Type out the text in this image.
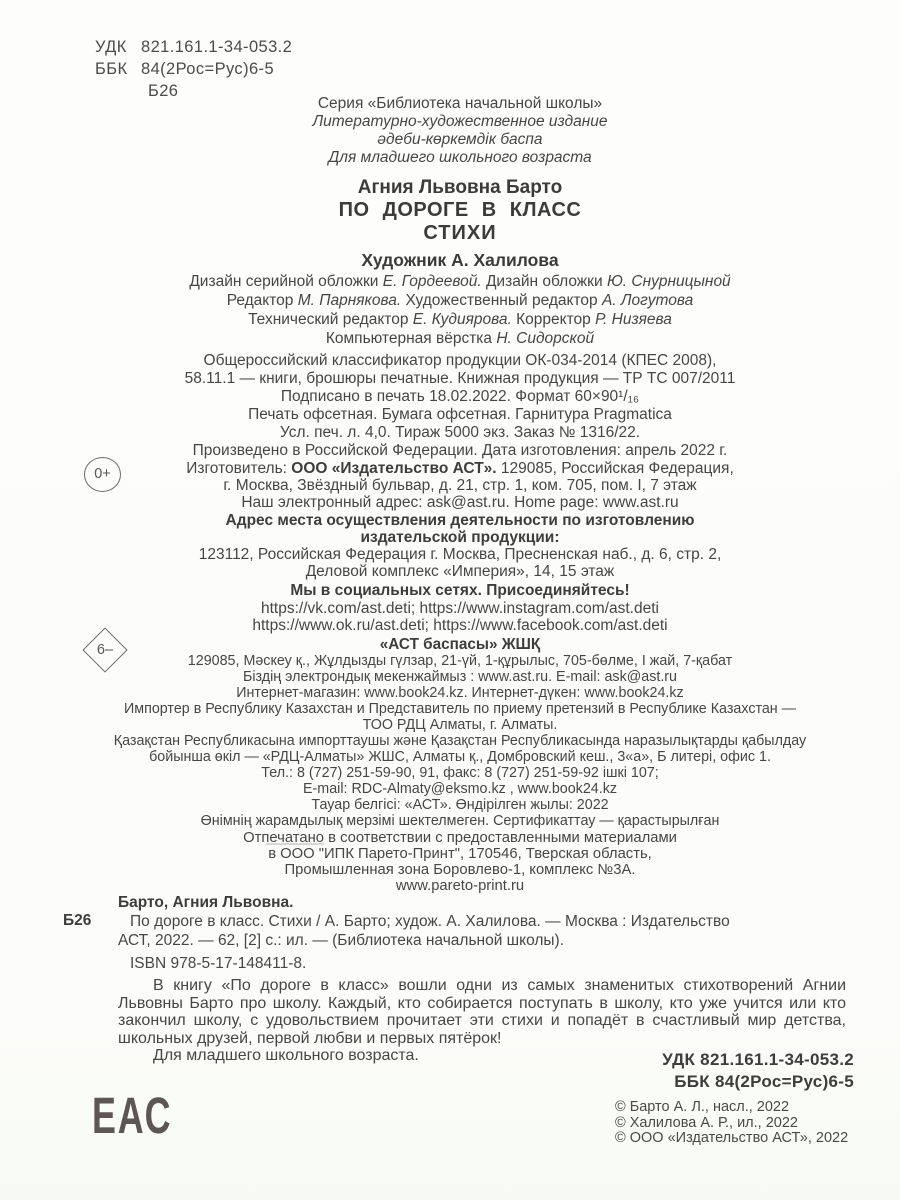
УДК 821.161.1-34-053.2
ББК 84(2Рос=Рус)6-5
Б26
0+
6–
Серия «Библиотека начальной школы»
Литературно-художественное издание
әдеби-көркемдік баспа
Для младшего школьного возраста
Агния Львовна Барто
ПО ДОРОГЕ В КЛАСС
СТИХИ
Художник А. Халилова
Дизайн серийной обложки Е. Гордеевой. Дизайн обложки Ю. Снурницыной
Редактор М. Парнякова. Художественный редактор А. Логутова
Технический редактор Е. Кудиярова. Корректор Р. Низяева
Компьютерная вёрстка Н. Сидорской
Общероссийский классификатор продукции ОК-034-2014 (КПЕС 2008),
58.11.1 — книги, брошюры печатные. Книжная продукция — ТР ТС 007/2011
Подписано в печать 18.02.2022. Формат 60×90¹/₁₆
Печать офсетная. Бумага офсетная. Гарнитура Pragmatica
Усл. печ. л. 4,0. Тираж 5000 экз. Заказ № 1316/22.
Произведено в Российской Федерации. Дата изготовления: апрель 2022 г.
Изготовитель: ООО «Издательство АСТ». 129085, Российская Федерация,
г. Москва, Звёздный бульвар, д. 21, стр. 1, ком. 705, пом. I, 7 этаж
Наш электронный адрес: ask@ast.ru. Home page: www.ast.ru
Адрес места осуществления деятельности по изготовлению
издательской продукции:
123112, Российская Федерация г. Москва, Пресненская наб., д. 6, стр. 2,
Деловой комплекс «Империя», 14, 15 этаж
Мы в социальных сетях. Присоединяйтесь!
https://vk.com/ast.deti; https://www.instagram.com/ast.deti
https://www.ok.ru/ast.deti; https://www.facebook.com/ast.deti
«АСТ баспасы» ЖШҚ
129085, Мәскеу қ., Жұлдызды гүлзар, 21-үй, 1-құрылыс, 705-бөлме, I жай, 7-қабат
Біздің электрондық мекенжаймыз : www.ast.ru. E-mail: ask@ast.ru
Интернет-магазин: www.book24.kz. Интернет-дүкен: www.book24.kz
Импортер в Республику Казахстан и Представитель по приему претензий в Республике Казахстан —
ТОО РДЦ Алматы, г. Алматы.
Қазақстан Республикасына импорттаушы және Қазақстан Республикасында наразылықтарды қабылдау
бойынша өкіл — «РДЦ-Алматы» ЖШС, Алматы қ., Домбровский кеш., 3«а», Б литері, офис 1.
Тел.: 8 (727) 251-59-90, 91, факс: 8 (727) 251-59-92 ішкі 107;
E-mail: RDC-Almaty@eksmo.kz , www.book24.kz
Тауар белгісі: «АСТ». Өндірілген жылы: 2022
Өнімнің жарамдылық мерзімі шектелмеген. Сертификаттау — қарастырылған
Отпечатано в соответствии с предоставленными материалами
в ООО "ИПК Парето-Принт", 170546, Тверская область,
Промышленная зона Боровлево-1, комплекс №3А.
www.pareto-print.ru
Барто, Агния Львовна.
Б26 По дороге в класс. Стихи / А. Барто; худож. А. Халилова. — Москва : Издательство
АСТ, 2022. — 62, [2] с.: ил. — (Библиотека начальной школы).
ISBN 978-5-17-148411-8.
В книгу «По дороге в класс» вошли одни из самых знаменитых стихотворений Агнии Львовны Барто про школу. Каждый, кто собирается поступать в школу, кто уже учится или кто закончил школу, с удовольствием прочитает эти стихи и попадёт в счастливый мир детства, школьных друзей, первой любви и первых пятёрок!
Для младшего школьного возраста.	УДК 821.161.1-34-053.2
ББК 84(2Рос=Рус)6-5
ЕАС	© Барто А. Л., насл., 2022
© Халилова А. Р., ил., 2022
© ООО «Издательство АСТ», 2022
